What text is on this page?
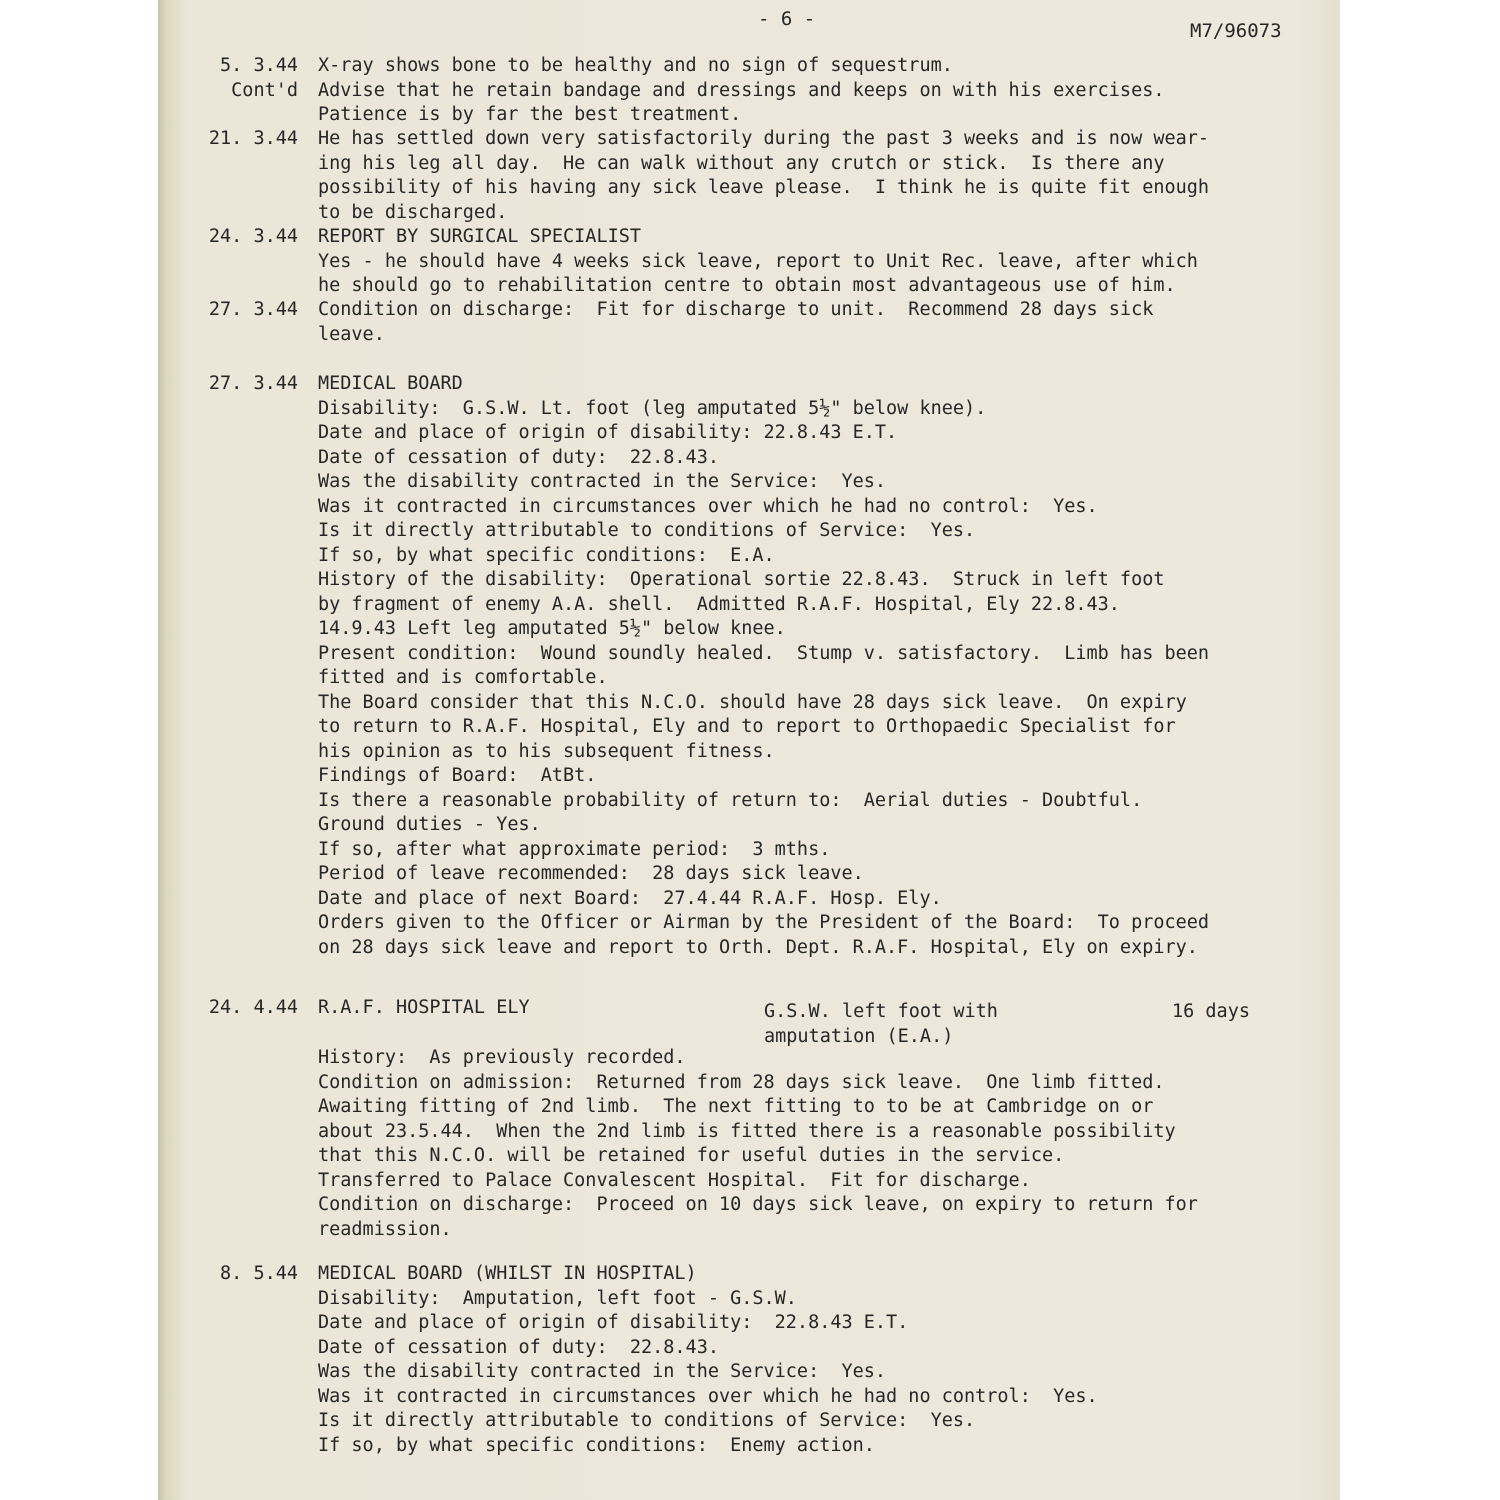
- 6 -
M7/96073
5. 3.44
Cont'd
X-ray shows bone to be healthy and no sign of sequestrum.
Advise that he retain bandage and dressings and keeps on with his exercises.
Patience is by far the best treatment.
21. 3.44 He has settled down very satisfactorily during the past 3 weeks and is now wear-
ing his leg all day.  He can walk without any crutch or stick.  Is there any
possibility of his having any sick leave please.  I think he is quite fit enough
to be discharged.
24. 3.44 REPORT BY SURGICAL SPECIALIST
Yes - he should have 4 weeks sick leave, report to Unit Rec. leave, after which
he should go to rehabilitation centre to obtain most advantageous use of him.
27. 3.44 Condition on discharge:  Fit for discharge to unit.  Recommend 28 days sick
leave.
27. 3.44 MEDICAL BOARD
Disability:  G.S.W. Lt. foot (leg amputated 5½" below knee).
Date and place of origin of disability: 22.8.43 E.T.
Date of cessation of duty:  22.8.43.
Was the disability contracted in the Service:  Yes.
Was it contracted in circumstances over which he had no control:  Yes.
Is it directly attributable to conditions of Service:  Yes.
If so, by what specific conditions:  E.A.
History of the disability:  Operational sortie 22.8.43.  Struck in left foot
by fragment of enemy A.A. shell.  Admitted R.A.F. Hospital, Ely 22.8.43.
14.9.43 Left leg amputated 5½" below knee.
Present condition:  Wound soundly healed.  Stump v. satisfactory.  Limb has been
fitted and is comfortable.
The Board consider that this N.C.O. should have 28 days sick leave.  On expiry
to return to R.A.F. Hospital, Ely and to report to Orthopaedic Specialist for
his opinion as to his subsequent fitness.
Findings of Board:  AtBt.
Is there a reasonable probability of return to:  Aerial duties - Doubtful.
Ground duties - Yes.
If so, after what approximate period:  3 mths.
Period of leave recommended:  28 days sick leave.
Date and place of next Board:  27.4.44 R.A.F. Hosp. Ely.
Orders given to the Officer or Airman by the President of the Board:  To proceed
on 28 days sick leave and report to Orth. Dept. R.A.F. Hospital, Ely on expiry.
24. 4.44 R.A.F. HOSPITAL ELY	G.S.W. left foot with
amputation (E.A.)
16 days
History:  As previously recorded.
Condition on admission:  Returned from 28 days sick leave.  One limb fitted.
Awaiting fitting of 2nd limb.  The next fitting to to be at Cambridge on or
about 23.5.44.  When the 2nd limb is fitted there is a reasonable possibility
that this N.C.O. will be retained for useful duties in the service.
Transferred to Palace Convalescent Hospital.  Fit for discharge.
Condition on discharge:  Proceed on 10 days sick leave, on expiry to return for
readmission.
8. 5.44 MEDICAL BOARD (WHILST IN HOSPITAL)
Disability:  Amputation, left foot - G.S.W.
Date and place of origin of disability:  22.8.43 E.T.
Date of cessation of duty:  22.8.43.
Was the disability contracted in the Service:  Yes.
Was it contracted in circumstances over which he had no control:  Yes.
Is it directly attributable to conditions of Service:  Yes.
If so, by what specific conditions:  Enemy action.
